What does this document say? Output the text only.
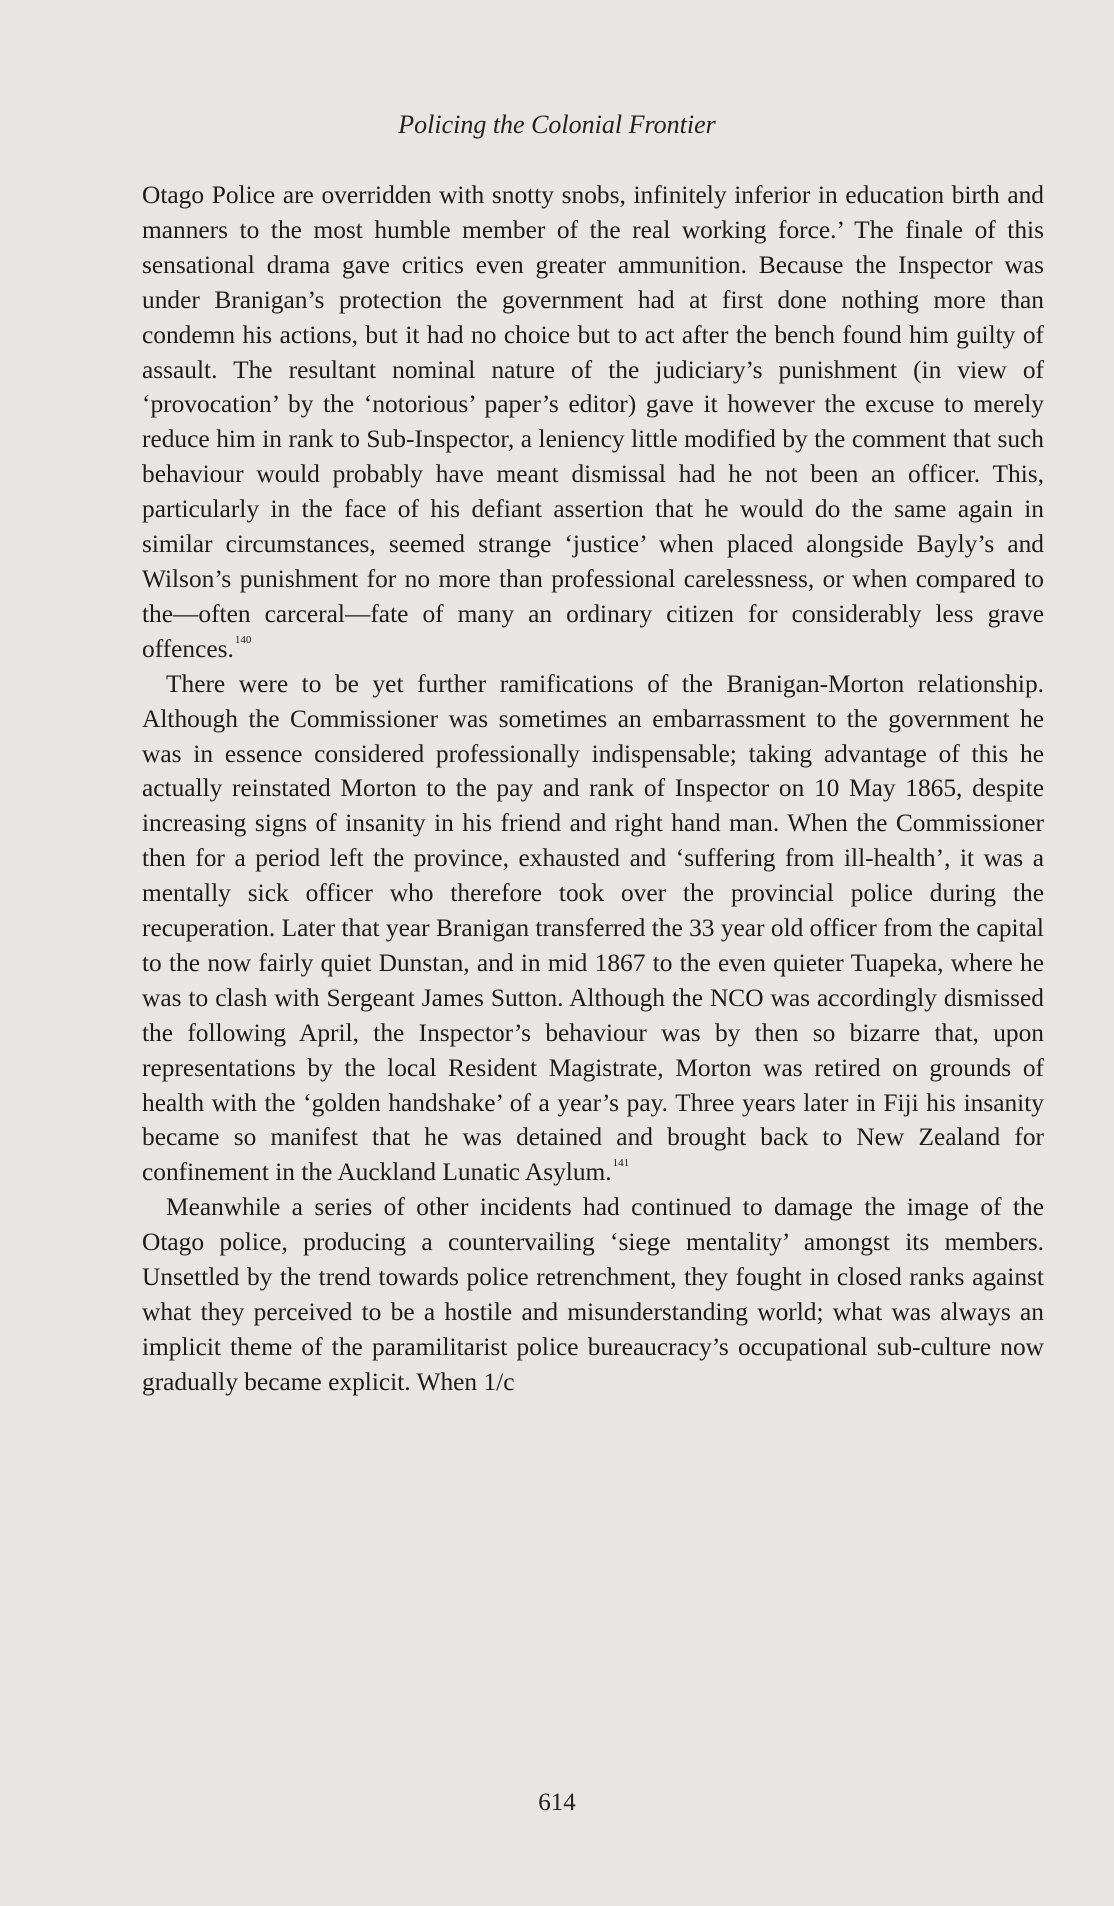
Policing the Colonial Frontier

Otago Police are overridden with snotty snobs, infinitely inferior in education birth and manners to the most humble member of the real working force.’ The finale of this sensational drama gave critics even greater ammunition. Because the Inspector was under Branigan’s protection the government had at first done nothing more than condemn his actions, but it had no choice but to act after the bench found him guilty of assault. The resultant nominal nature of the judiciary’s punishment (in view of ‘provocation’ by the ‘notorious’ paper’s editor) gave it however the excuse to merely reduce him in rank to Sub-Inspector, a leniency little modified by the comment that such behaviour would probably have meant dismissal had he not been an officer. This, particularly in the face of his defiant assertion that he would do the same again in similar circumstances, seemed strange ‘justice’ when placed alongside Bayly’s and Wilson’s punishment for no more than professional carelessness, or when compared to the—often carceral—fate of many an ordinary citizen for considerably less grave offences.$^{140}$

There were to be yet further ramifications of the Branigan-Morton relationship. Although the Commissioner was sometimes an embarrassment to the government he was in essence considered professionally indispensable; taking advantage of this he actually reinstated Morton to the pay and rank of Inspector on 10 May 1865, despite increasing signs of insanity in his friend and right hand man. When the Commissioner then for a period left the province, exhausted and ‘suffering from ill-health’, it was a mentally sick officer who therefore took over the provincial police during the recuperation. Later that year Branigan transferred the 33 year old officer from the capital to the now fairly quiet Dunstan, and in mid 1867 to the even quieter Tuapeka, where he was to clash with Sergeant James Sutton. Although the NCO was accordingly dismissed the following April, the Inspector’s behaviour was by then so bizarre that, upon representations by the local Resident Magistrate, Morton was retired on grounds of health with the ‘golden handshake’ of a year’s pay. Three years later in Fiji his insanity became so manifest that he was detained and brought back to New Zealand for confinement in the Auckland Lunatic Asylum.$^{141}$

Meanwhile a series of other incidents had continued to damage the image of the Otago police, producing a countervailing ‘siege mentality’ amongst its members. Unsettled by the trend towards police retrenchment, they fought in closed ranks against what they perceived to be a hostile and misunderstanding world; what was always an implicit theme of the paramilitarist police bureaucracy’s occupational sub-culture now gradually became explicit. When 1/c

614
